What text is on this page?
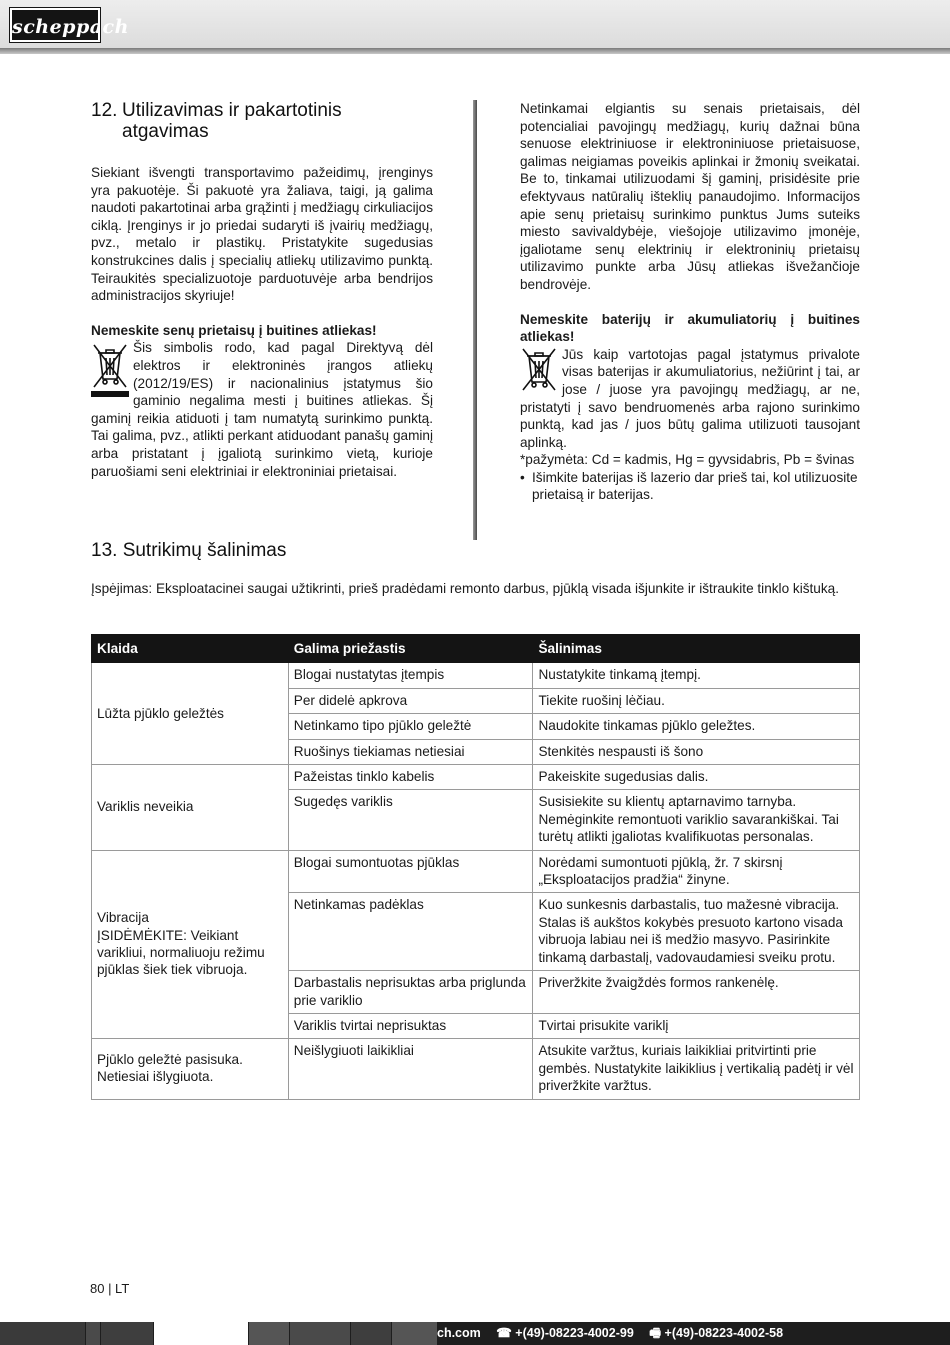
scheppach
12. Utilizavimas ir pakartotinis atgavimas

Siekiant išvengti transportavimo pažeidimų, įrenginys yra pakuotėje. Ši pakuotė yra žaliava, taigi, ją galima naudoti pakartotinai arba grąžinti į medžiagų cirkuliacijos ciklą. Įrenginys ir jo priedai sudaryti iš įvairių medžiagų, pvz., metalo ir plastikų. Pristatykite sugedusias konstrukcines dalis į specialių atliekų utilizavimo punktą. Teiraukitės specializuotoje parduotuvėje arba bendrijos administracijos skyriuje!

Nemeskite senų prietaisų į buitines atliekas!

Šis simbolis rodo, kad pagal Direktyvą dėl elektros ir elektroninės įrangos atliekų (2012/19/ES) ir nacionalinius įstatymus šio gaminio negalima mesti į buitines atliekas. Šį gaminį reikia atiduoti į tam numatytą surinkimo punktą. Tai galima, pvz., atlikti perkant atiduodant panašų gaminį arba pristatant į įgaliotą surinkimo vietą, kurioje paruošiami seni elektriniai ir elektroniniai prietaisai.

Netinkamai elgiantis su senais prietaisais, dėl potencialiai pavojingų medžiagų, kurių dažnai būna senuose elektriniuose ir elektroniniuose prietaisuose, galimas neigiamas poveikis aplinkai ir žmonių sveikatai. Be to, tinkamai utilizuodami šį gaminį, prisidėsite prie efektyvaus natūralių išteklių panaudojimo. Informacijos apie senų prietaisų surinkimo punktus Jums suteiks miesto savivaldybėje, viešojoje utilizavimo įmonėje, įgaliotame senų elektrinių ir elektroninių prietaisų utilizavimo punkte arba Jūsų atliekas išvežančioje bendrovėje.

Nemeskite baterijų ir akumuliatorių į buitines atliekas!

Jūs kaip vartotojas pagal įstatymus privalote visas baterijas ir akumuliatorius, nežiūrint į tai, ar jose / juose yra pavojingų medžiagų, ar ne, pristatyti į savo bendruomenės arba rajono surinkimo punktą, kad jas / juos būtų galima utilizuoti tausojant aplinką.

*pažymėta: Cd = kadmis, Hg = gyvsidabris, Pb = švinas

• Išimkite baterijas iš lazerio dar prieš tai, kol utilizuosite prietaisą ir baterijas.
13. Sutrikimų šalinimas

Įspėjimas: Eksploatacinei saugai užtikrinti, prieš pradėdami remonto darbus, pjūklą visada išjunkite ir ištraukite tinklo kištuką.

Klaida	Galima priežastis	Šalinimas
Lūžta pjūklo geležtės	Blogai nustatytas įtempis	Nustatykite tinkamą įtempį.
	Per didelė apkrova	Tiekite ruošinį lėčiau.
	Netinkamo tipo pjūklo geležtė	Naudokite tinkamas pjūklo geležtes.
	Ruošinys tiekiamas netiesiai	Stenkitės nespausti iš šono
Variklis neveikia	Pažeistas tinklo kabelis	Pakeiskite sugedusias dalis.
	Sugedęs variklis	Susisiekite su klientų aptarnavimo tarnyba. Nemėginkite remontuoti variklio savarankiškai. Tai turėtų atlikti įgaliotas kvalifikuotas personalas.
Vibracija
ĮSIDĖMĖKITE: Veikiant varikliui, normaliuoju režimu pjūklas šiek tiek vibruoja.	Blogai sumontuotas pjūklas	Norėdami sumontuoti pjūklą, žr. 7 skirsnį „Eksploatacijos pradžia“ žinyne.
	Netinkamas padėklas	Kuo sunkesnis darbastalis, tuo mažesnė vibracija. Stalas iš aukštos kokybės presuoto kartono visada vibruoja labiau nei iš medžio masyvo. Pasirinkite tinkamą darbastalį, vadovaudamiesi sveiku protu.
	Darbastalis neprisuktas arba priglunda prie variklio	Priveržkite žvaigždės formos rankenėlę.
	Variklis tvirtai neprisuktas	Tvirtai prisukite variklį
Pjūklo geležtė pasisuka.
Netiesiai išlygiuota.	Neišlygiuoti laikikliai	Atsukite varžtus, kuriais laikikliai pritvirtinti prie gembės. Nustatykite laikiklius į vertikalią padėtį ir vėl priveržkite varžtus.
80 | LT
ch.com ☎ +(49)-08223-4002-99 🖷 +(49)-08223-4002-58
